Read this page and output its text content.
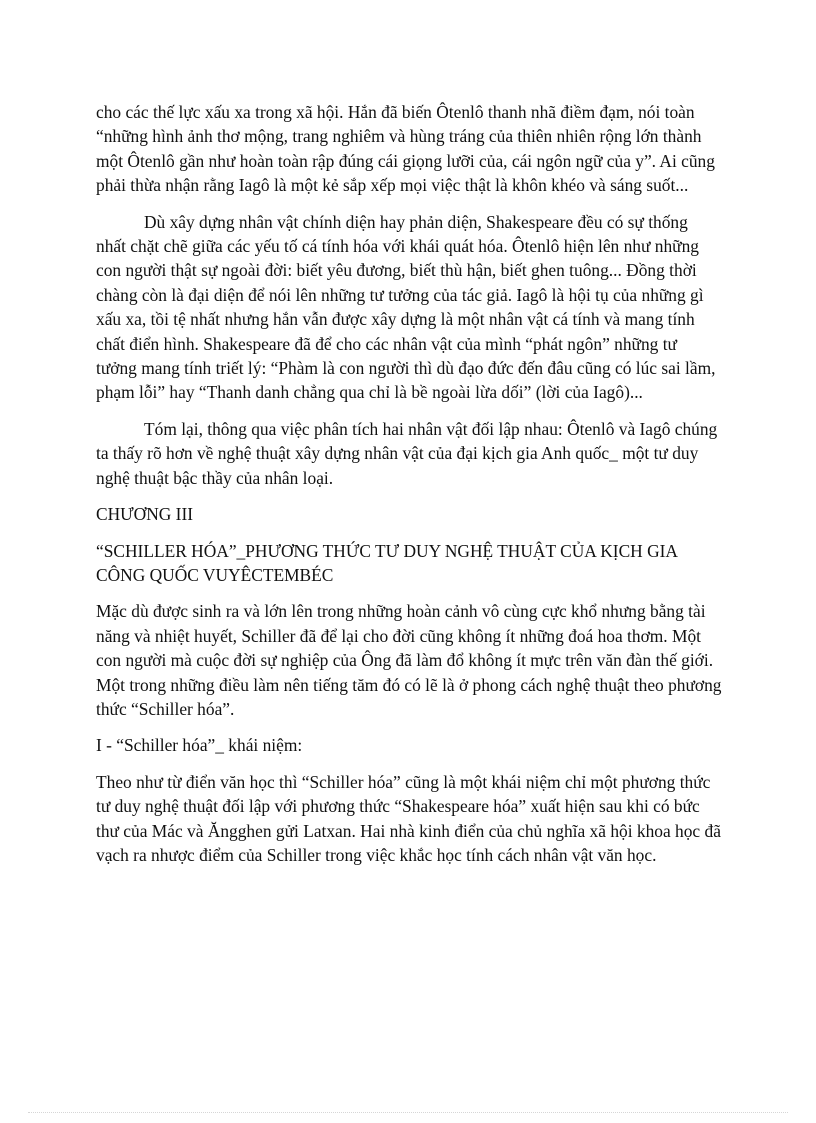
cho các thế lực xấu xa trong xã hội. Hắn đã biến Ôtenlô thanh nhã điềm đạm, nói toàn “những hình ảnh thơ mộng, trang nghiêm và hùng tráng của thiên nhiên rộng lớn thành một Ôtenlô gần như hoàn toàn rập đúng cái giọng lưỡi của, cái ngôn ngữ của y”. Ai cũng phải thừa nhận rằng Iagô là một kẻ sắp xếp mọi việc thật là khôn khéo và sáng suốt...

Dù xây dựng nhân vật chính diện hay phản diện, Shakespeare đều có sự thống nhất chặt chẽ giữa các yếu tố cá tính hóa với khái quát hóa. Ôtenlô hiện lên như những con người thật sự ngoài đời: biết yêu đương, biết thù hận, biết ghen tuông... Đồng thời chàng còn là đại diện để nói lên những tư tưởng của tác giả. Iagô là hội tụ của những gì xấu xa, tồi tệ nhất nhưng hắn vẫn được xây dựng là một nhân vật cá tính và mang tính chất điển hình. Shakespeare đã để cho các nhân vật của mình “phát ngôn” những tư tưởng mang tính triết lý: “Phàm là con người thì dù đạo đức đến đâu cũng có lúc sai lầm, phạm lỗi” hay “Thanh danh chẳng qua chỉ là bề ngoài lừa dối” (lời của Iagô)...

Tóm lại, thông qua việc phân tích hai nhân vật đối lập nhau: Ôtenlô và Iagô chúng ta thấy rõ hơn về nghệ thuật xây dựng nhân vật của đại kịch gia Anh quốc_ một tư duy nghệ thuật bậc thầy của nhân loại.

CHƯƠNG III

“SCHILLER HÓA”_PHƯƠNG THỨC TƯ DUY NGHỆ THUẬT CỦA KỊCH GIA CÔNG QUỐC VUYÊCTEMBÉC

Mặc dù được sinh ra và lớn lên trong những hoàn cảnh vô cùng cực khổ nhưng bằng tài năng và nhiệt huyết, Schiller đã để lại cho đời cũng không ít những đoá hoa thơm. Một con người mà cuộc đời sự nghiệp của Ông đã làm đổ không ít mực trên văn đàn thế giới. Một trong những điều làm nên tiếng tăm đó có lẽ là ở phong cách nghệ thuật theo phương thức “Schiller hóa”.

I - “Schiller hóa”_ khái niệm:

Theo như từ điển văn học thì “Schiller hóa” cũng là một khái niệm chỉ một phương thức tư duy nghệ thuật đối lập với phương thức “Shakespeare hóa” xuất hiện sau khi có bức thư của Mác và Ăngghen gửi Latxan. Hai nhà kinh điển của chủ nghĩa xã hội khoa học đã vạch ra nhược điểm của Schiller trong việc khắc học tính cách nhân vật văn học.
